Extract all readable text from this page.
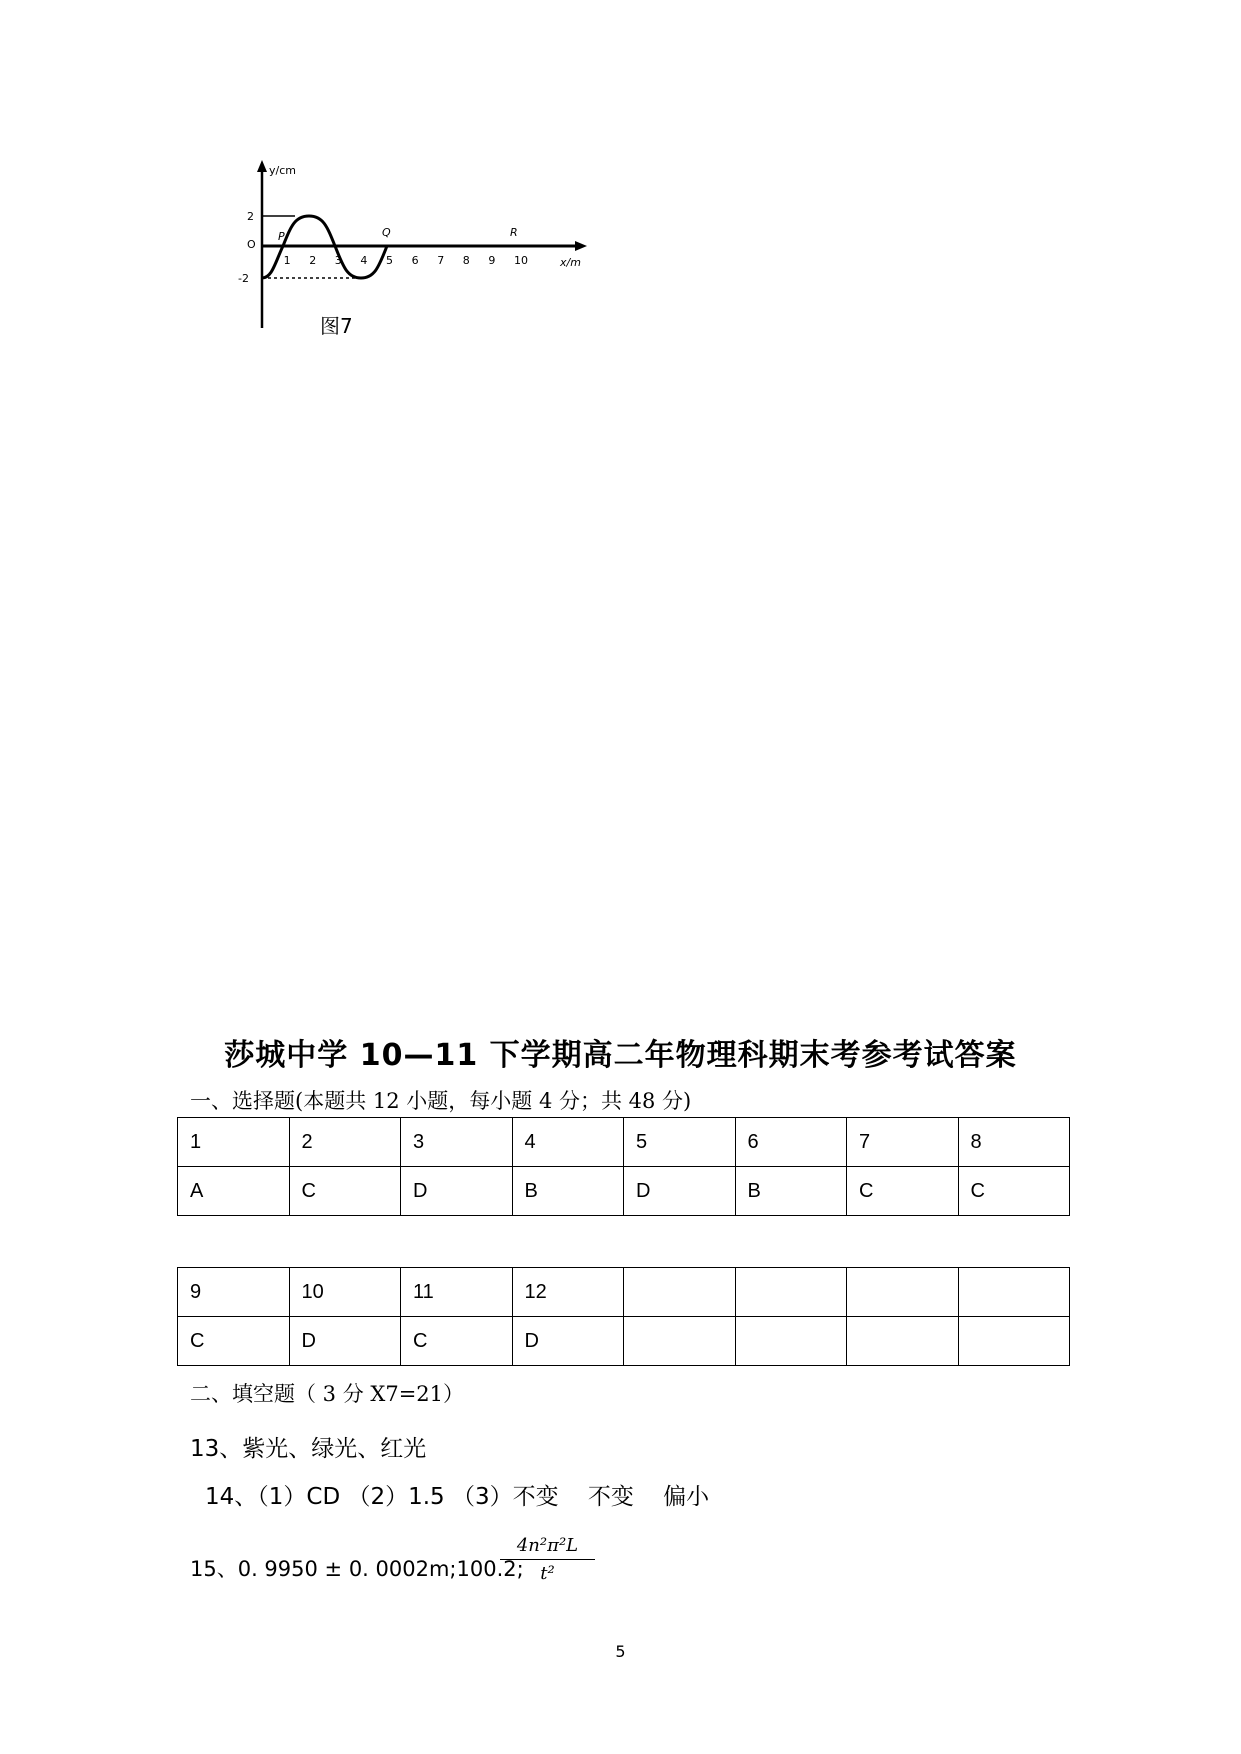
y/cm
2
O
-2
P	Q	R
1 2 3 4 5 6 7 8 9 10	x/m
图7
莎城中学 10—11 下学期高二年物理科期末考参考试答案
一、选择题(本题共 12 小题，每小题 4 分；共 48 分)
1	2	3	4	5	6	7	8
A	C	D	B	D	B	C	C
9	10	11	12				
C	D	C	D				
二、填空题（ 3 分 X7=21）
13、紫光、绿光、红光
14、（1）CD （2）1.5 （3）不变    不变    偏小
15、0. 9950 ± 0. 0002m;100.2;
$\frac{\text{4n²π²L}}{\text{t²}}$
5
